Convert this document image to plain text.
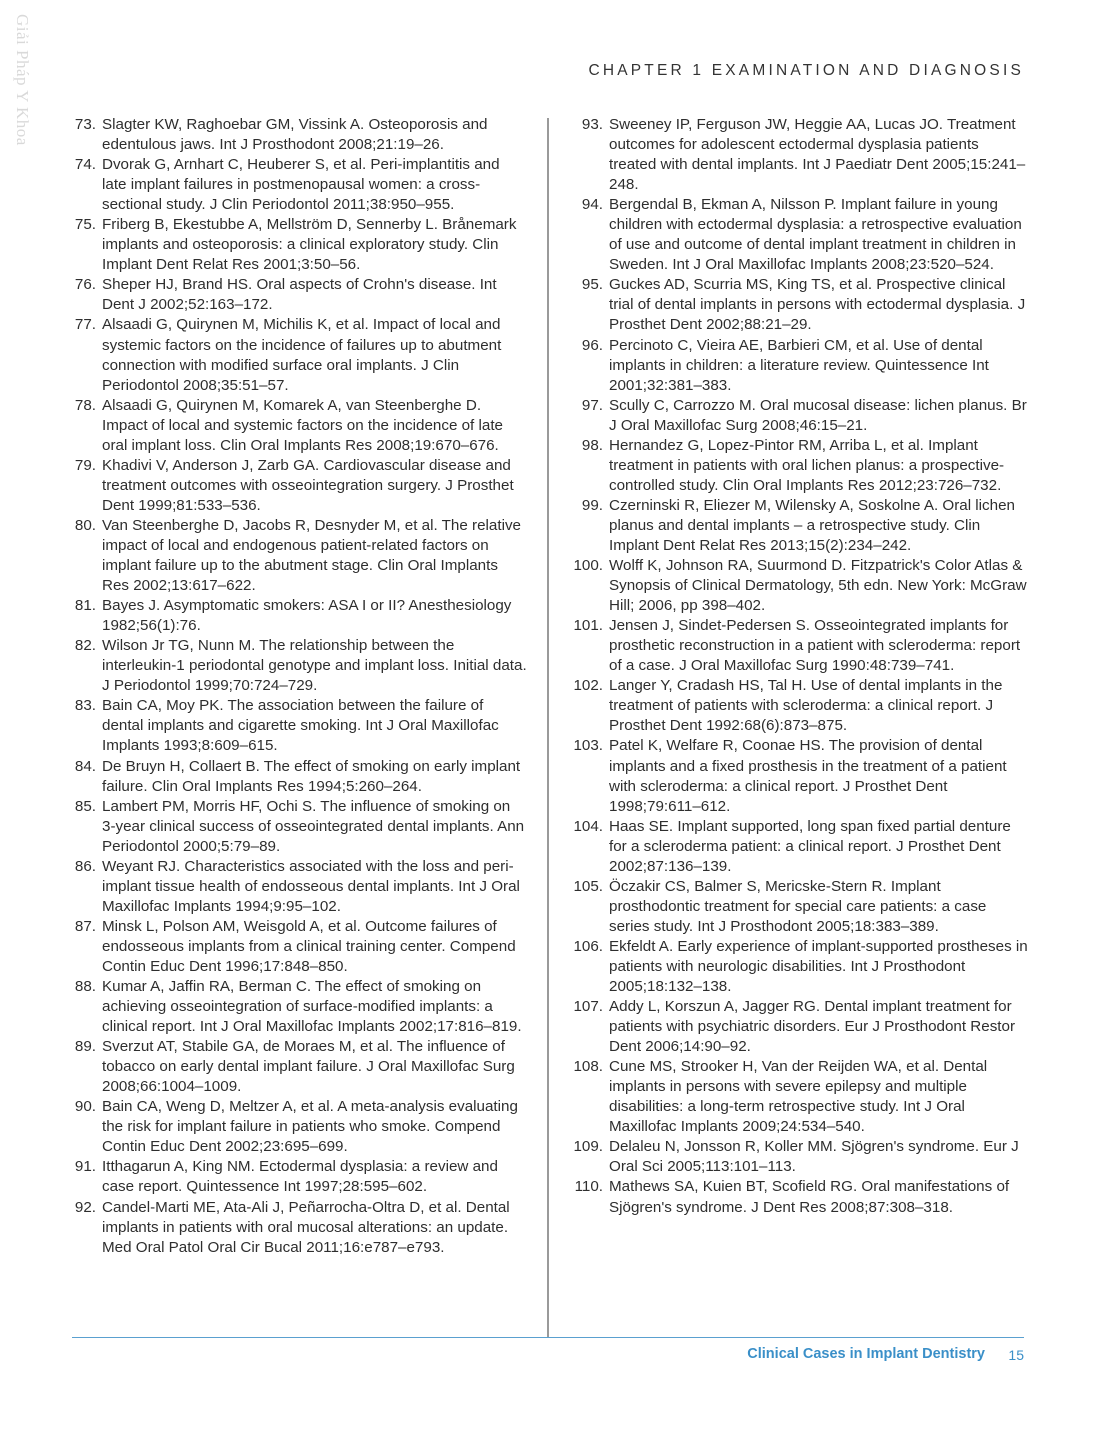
Giải Pháp Y Khoa	CHAPTER 1 EXAMINATION AND DIAGNOSIS
73. Slagter KW, Raghoebar GM, Vissink A. Osteoporosis and edentulous jaws. Int J Prosthodont 2008;21:19–26.
74. Dvorak G, Arnhart C, Heuberer S, et al. Peri-implantitis and late implant failures in postmenopausal women: a cross-sectional study. J Clin Periodontol 2011;38:950–955.
75. Friberg B, Ekestubbe A, Mellström D, Sennerby L. Brånemark implants and osteoporosis: a clinical exploratory study. Clin Implant Dent Relat Res 2001;3:50–56.
76. Sheper HJ, Brand HS. Oral aspects of Crohn's disease. Int Dent J 2002;52:163–172.
77. Alsaadi G, Quirynen M, Michilis K, et al. Impact of local and systemic factors on the incidence of failures up to abutment connection with modified surface oral implants. J Clin Periodontol 2008;35:51–57.
78. Alsaadi G, Quirynen M, Komarek A, van Steenberghe D. Impact of local and systemic factors on the incidence of late oral implant loss. Clin Oral Implants Res 2008;19:670–676.
79. Khadivi V, Anderson J, Zarb GA. Cardiovascular disease and treatment outcomes with osseointegration surgery. J Prosthet Dent 1999;81:533–536.
80. Van Steenberghe D, Jacobs R, Desnyder M, et al. The relative impact of local and endogenous patient-related factors on implant failure up to the abutment stage. Clin Oral Implants Res 2002;13:617–622.
81. Bayes J. Asymptomatic smokers: ASA I or II? Anesthesiology 1982;56(1):76.
82. Wilson Jr TG, Nunn M. The relationship between the interleukin-1 periodontal genotype and implant loss. Initial data. J Periodontol 1999;70:724–729.
83. Bain CA, Moy PK. The association between the failure of dental implants and cigarette smoking. Int J Oral Maxillofac Implants 1993;8:609–615.
84. De Bruyn H, Collaert B. The effect of smoking on early implant failure. Clin Oral Implants Res 1994;5:260–264.
85. Lambert PM, Morris HF, Ochi S. The influence of smoking on 3-year clinical success of osseointegrated dental implants. Ann Periodontol 2000;5:79–89.
86. Weyant RJ. Characteristics associated with the loss and peri-implant tissue health of endosseous dental implants. Int J Oral Maxillofac Implants 1994;9:95–102.
87. Minsk L, Polson AM, Weisgold A, et al. Outcome failures of endosseous implants from a clinical training center. Compend Contin Educ Dent 1996;17:848–850.
88. Kumar A, Jaffin RA, Berman C. The effect of smoking on achieving osseointegration of surface-modified implants: a clinical report. Int J Oral Maxillofac Implants 2002;17:816–819.
89. Sverzut AT, Stabile GA, de Moraes M, et al. The influence of tobacco on early dental implant failure. J Oral Maxillofac Surg 2008;66:1004–1009.
90. Bain CA, Weng D, Meltzer A, et al. A meta-analysis evaluating the risk for implant failure in patients who smoke. Compend Contin Educ Dent 2002;23:695–699.
91. Itthagarun A, King NM. Ectodermal dysplasia: a review and case report. Quintessence Int 1997;28:595–602.
92. Candel-Marti ME, Ata-Ali J, Peñarrocha-Oltra D, et al. Dental implants in patients with oral mucosal alterations: an update. Med Oral Patol Oral Cir Bucal 2011;16:e787–e793.
93. Sweeney IP, Ferguson JW, Heggie AA, Lucas JO. Treatment outcomes for adolescent ectodermal dysplasia patients treated with dental implants. Int J Paediatr Dent 2005;15:241–248.
94. Bergendal B, Ekman A, Nilsson P. Implant failure in young children with ectodermal dysplasia: a retrospective evaluation of use and outcome of dental implant treatment in children in Sweden. Int J Oral Maxillofac Implants 2008;23:520–524.
95. Guckes AD, Scurria MS, King TS, et al. Prospective clinical trial of dental implants in persons with ectodermal dysplasia. J Prosthet Dent 2002;88:21–29.
96. Percinoto C, Vieira AE, Barbieri CM, et al. Use of dental implants in children: a literature review. Quintessence Int 2001;32:381–383.
97. Scully C, Carrozzo M. Oral mucosal disease: lichen planus. Br J Oral Maxillofac Surg 2008;46:15–21.
98. Hernandez G, Lopez-Pintor RM, Arriba L, et al. Implant treatment in patients with oral lichen planus: a prospective-controlled study. Clin Oral Implants Res 2012;23:726–732.
99. Czerninski R, Eliezer M, Wilensky A, Soskolne A. Oral lichen planus and dental implants – a retrospective study. Clin Implant Dent Relat Res 2013;15(2):234–242.
100. Wolff K, Johnson RA, Suurmond D. Fitzpatrick's Color Atlas & Synopsis of Clinical Dermatology, 5th edn. New York: McGraw Hill; 2006, pp 398–402.
101. Jensen J, Sindet-Pedersen S. Osseointegrated implants for prosthetic reconstruction in a patient with scleroderma: report of a case. J Oral Maxillofac Surg 1990:48:739–741.
102. Langer Y, Cradash HS, Tal H. Use of dental implants in the treatment of patients with scleroderma: a clinical report. J Prosthet Dent 1992:68(6):873–875.
103. Patel K, Welfare R, Coonae HS. The provision of dental implants and a fixed prosthesis in the treatment of a patient with scleroderma: a clinical report. J Prosthet Dent 1998;79:611–612.
104. Haas SE. Implant supported, long span fixed partial denture for a scleroderma patient: a clinical report. J Prosthet Dent 2002;87:136–139.
105. Öczakir CS, Balmer S, Mericske-Stern R. Implant prosthodontic treatment for special care patients: a case series study. Int J Prosthodont 2005;18:383–389.
106. Ekfeldt A. Early experience of implant-supported prostheses in patients with neurologic disabilities. Int J Prosthodont 2005;18:132–138.
107. Addy L, Korszun A, Jagger RG. Dental implant treatment for patients with psychiatric disorders. Eur J Prosthodont Restor Dent 2006;14:90–92.
108. Cune MS, Strooker H, Van der Reijden WA, et al. Dental implants in persons with severe epilepsy and multiple disabilities: a long-term retrospective study. Int J Oral Maxillofac Implants 2009;24:534–540.
109. Delaleu N, Jonsson R, Koller MM. Sjögren's syndrome. Eur J Oral Sci 2005;113:101–113.
110. Mathews SA, Kuien BT, Scofield RG. Oral manifestations of Sjögren's syndrome. J Dent Res 2008;87:308–318.
Clinical Cases in Implant Dentistry 15
